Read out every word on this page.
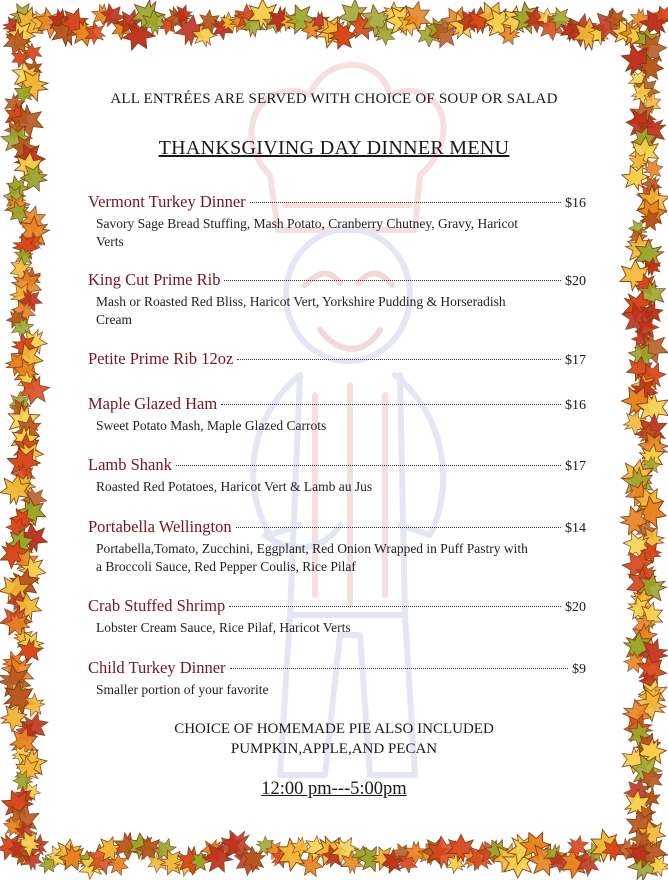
ALL ENTRÉES ARE SERVED WITH CHOICE OF SOUP OR SALAD
THANKSGIVING DAY DINNER MENU
Vermont Turkey Dinner	$16
Savory Sage Bread Stuffing, Mash Potato, Cranberry Chutney, Gravy, Haricot Verts
King Cut Prime Rib	$20
Mash or Roasted Red Bliss, Haricot Vert, Yorkshire Pudding & Horseradish Cream
Petite Prime Rib 12oz	$17
Maple Glazed Ham	$16
Sweet Potato Mash, Maple Glazed Carrots
Lamb Shank	$17
Roasted Red Potatoes, Haricot Vert & Lamb au Jus
Portabella Wellington	$14
Portabella,Tomato, Zucchini, Eggplant, Red Onion Wrapped in Puff Pastry with a Broccoli Sauce, Red Pepper Coulis, Rice Pilaf
Crab Stuffed Shrimp	$20
Lobster Cream Sauce, Rice Pilaf, Haricot Verts
Child Turkey Dinner	$9
Smaller portion of your favorite
CHOICE OF HOMEMADE PIE ALSO INCLUDED
PUMPKIN,APPLE,AND PECAN
12:00 pm---5:00pm
